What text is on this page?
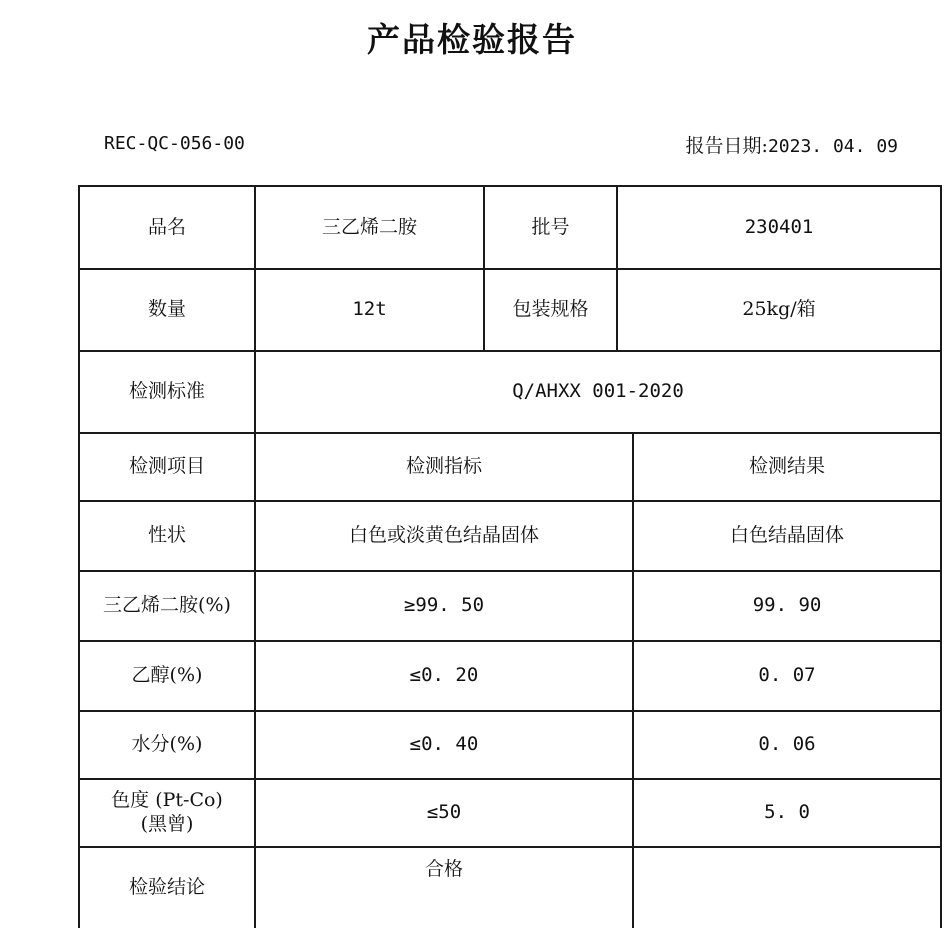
产品检验报告
REC-QC-056-00	报告日期:2023. 04. 09
品名	三乙烯二胺	批号	230401	
数量	12t	包装规格	25kg/箱	
检测标准	Q/AHXX 001-2020			
检测项目	检测指标			检测结果
性状	白色或淡黄色结晶固体			白色结晶固体
三乙烯二胺(%)	≥99. 50			99. 90
乙醇(%)	≤0. 20			0. 07
水分(%)	≤0. 40			0. 06

色度 (Pt-Co)
(黑曾)	≤50			5. 0
检验结论	合格			
